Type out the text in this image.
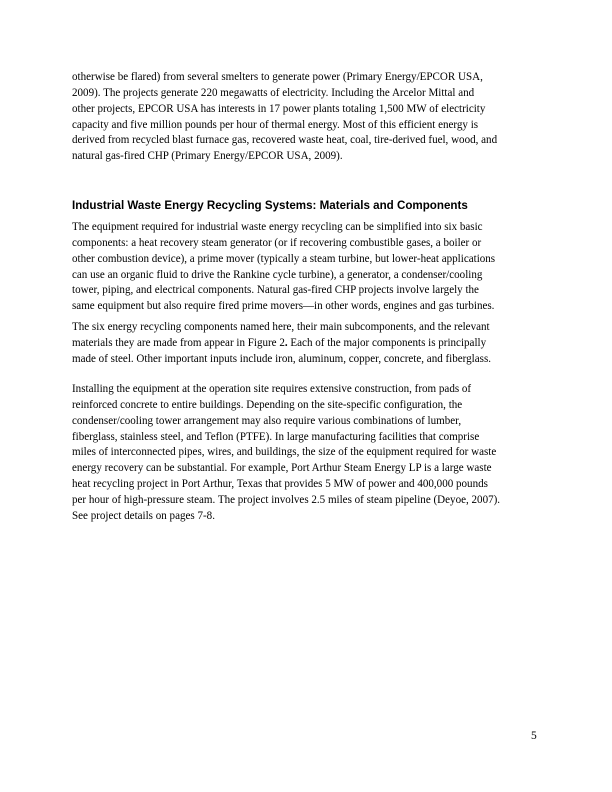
otherwise be flared) from several smelters to generate power (Primary Energy/EPCOR USA,
2009). The projects generate 220 megawatts of electricity. Including the Arcelor Mittal and
other projects, EPCOR USA has interests in 17 power plants totaling 1,500 MW of electricity
capacity and five million pounds per hour of thermal energy. Most of this efficient energy is
derived from recycled blast furnace gas, recovered waste heat, coal, tire-derived fuel, wood, and
natural gas-fired CHP (Primary Energy/EPCOR USA, 2009).

Industrial Waste Energy Recycling Systems: Materials and Components

The equipment required for industrial waste energy recycling can be simplified into six basic
components: a heat recovery steam generator (or if recovering combustible gases, a boiler or
other combustion device), a prime mover (typically a steam turbine, but lower-heat applications
can use an organic fluid to drive the Rankine cycle turbine), a generator, a condenser/cooling
tower, piping, and electrical components. Natural gas-fired CHP projects involve largely the
same equipment but also require fired prime movers—in other words, engines and gas turbines.

The six energy recycling components named here, their main subcomponents, and the relevant
materials they are made from appear in Figure 2. Each of the major components is principally
made of steel. Other important inputs include iron, aluminum, copper, concrete, and fiberglass.

Installing the equipment at the operation site requires extensive construction, from pads of
reinforced concrete to entire buildings. Depending on the site-specific configuration, the
condenser/cooling tower arrangement may also require various combinations of lumber,
fiberglass, stainless steel, and Teflon (PTFE). In large manufacturing facilities that comprise
miles of interconnected pipes, wires, and buildings, the size of the equipment required for waste
energy recovery can be substantial. For example, Port Arthur Steam Energy LP is a large waste
heat recycling project in Port Arthur, Texas that provides 5 MW of power and 400,000 pounds
per hour of high-pressure steam. The project involves 2.5 miles of steam pipeline (Deyoe, 2007).
See project details on pages 7-8.

5
